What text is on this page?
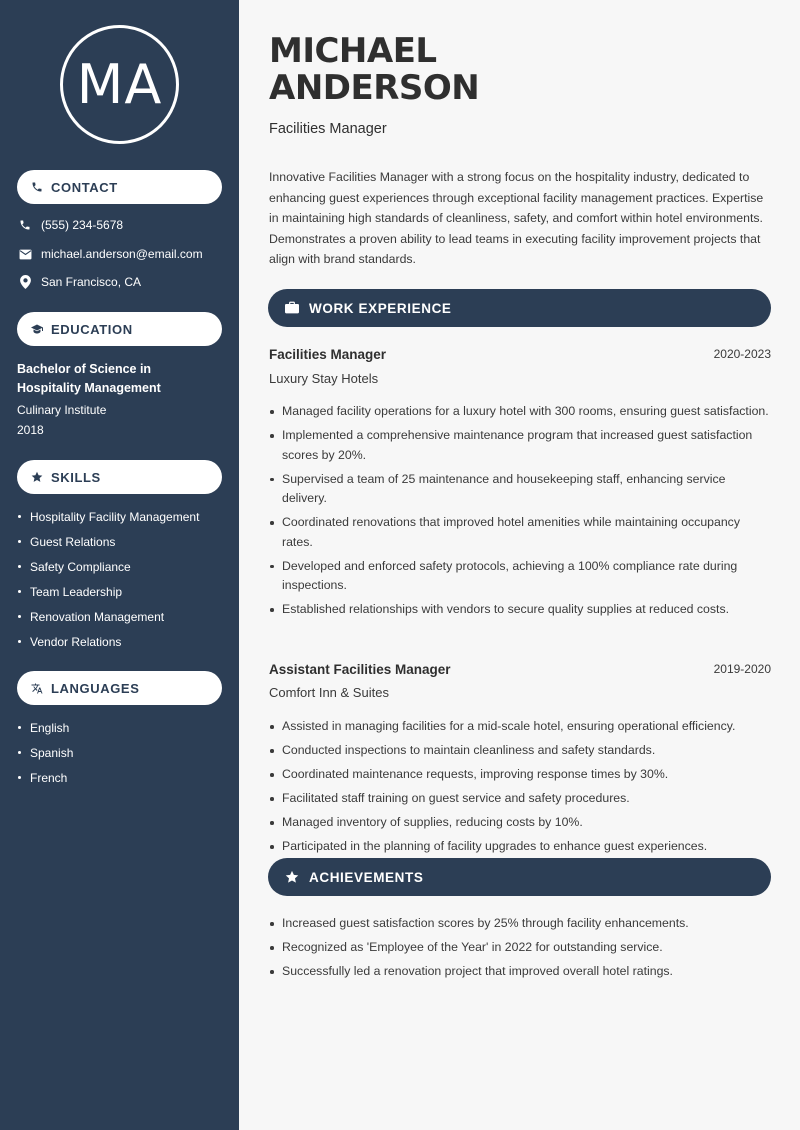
MA
CONTACT
(555) 234-5678
michael.anderson@email.com
San Francisco, CA
EDUCATION
Bachelor of Science in Hospitality Management
Culinary Institute
2018
SKILLS
Hospitality Facility Management
Guest Relations
Safety Compliance
Team Leadership
Renovation Management
Vendor Relations
LANGUAGES
English
Spanish
French
MICHAEL
ANDERSON
Facilities Manager

Innovative Facilities Manager with a strong focus on the hospitality industry, dedicated to enhancing guest experiences through exceptional facility management practices. Expertise in maintaining high standards of cleanliness, safety, and comfort within hotel environments. Demonstrates a proven ability to lead teams in executing facility improvement projects that align with brand standards.

WORK EXPERIENCE
Facilities Manager	2020-2023
Luxury Stay Hotels
Managed facility operations for a luxury hotel with 300 rooms, ensuring guest satisfaction.
Implemented a comprehensive maintenance program that increased guest satisfaction scores by 20%.
Supervised a team of 25 maintenance and housekeeping staff, enhancing service delivery.
Coordinated renovations that improved hotel amenities while maintaining occupancy rates.
Developed and enforced safety protocols, achieving a 100% compliance rate during inspections.
Established relationships with vendors to secure quality supplies at reduced costs.
Assistant Facilities Manager	2019-2020
Comfort Inn & Suites
Assisted in managing facilities for a mid-scale hotel, ensuring operational efficiency.
Conducted inspections to maintain cleanliness and safety standards.
Coordinated maintenance requests, improving response times by 30%.
Facilitated staff training on guest service and safety procedures.
Managed inventory of supplies, reducing costs by 10%.
Participated in the planning of facility upgrades to enhance guest experiences.
ACHIEVEMENTS
Increased guest satisfaction scores by 25% through facility enhancements.
Recognized as 'Employee of the Year' in 2022 for outstanding service.
Successfully led a renovation project that improved overall hotel ratings.
